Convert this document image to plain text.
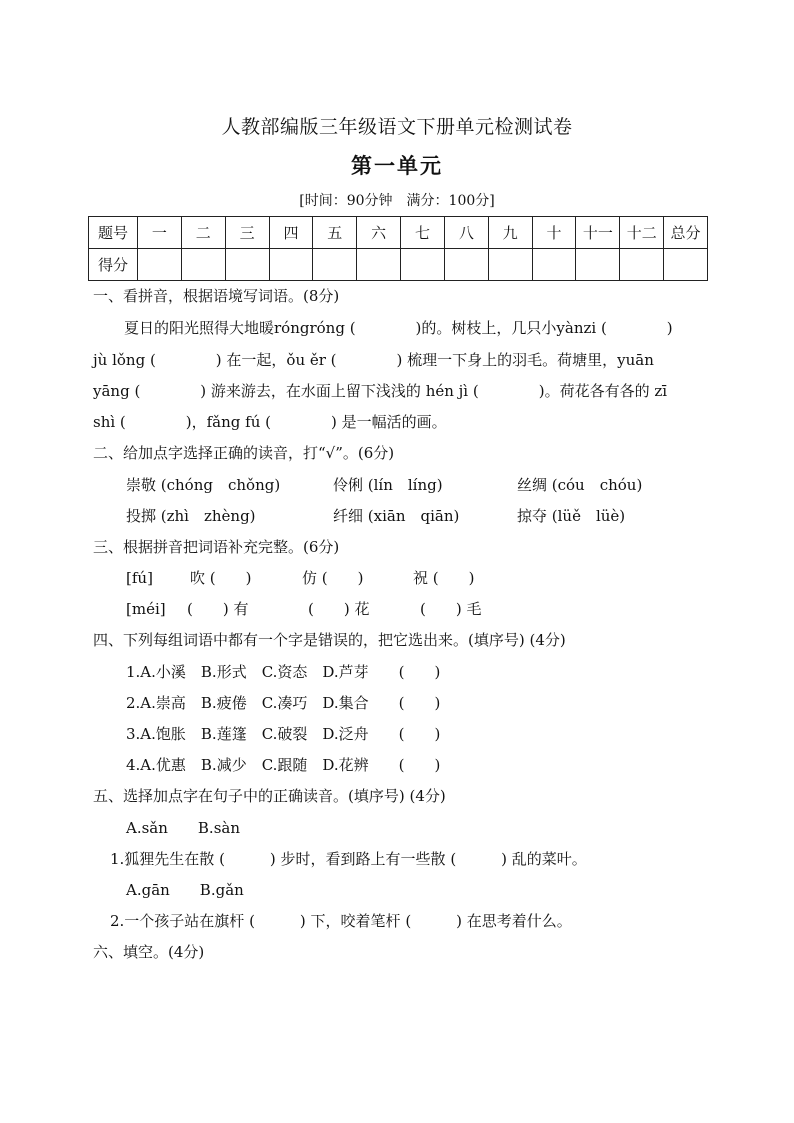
人教部编版三年级语文下册单元检测试卷
第一单元
[时间：90分钟　满分：100分]
题号	一	二	三	四	五	六	七	八	九	十	十一	十二	总分
得分													
一、看拼音，根据语境写词语。(8分)
夏日的阳光照得大地暖róngróng (　　　　)的。树枝上，几只小yànzi (　　　　)
jù lǒng (　　　　) 在一起，ǒu ěr (　　　　) 梳理一下身上的羽毛。荷塘里，yuān
yāng (　　　　) 游来游去，在水面上留下浅浅的 hén jì (　　　　)。荷花各有各的 zī
shì (　　　　)，fǎng fú (　　　　) 是一幅活的画。
二、给加点字选择正确的读音，打“√”。(6分)
崇敬 (chóng　chǒng)	伶俐 (lín　líng)	丝绸 (cóu　chóu)
投掷 (zhì　zhèng)	纤细 (xiān　qiān)	掠夺 (lüě　lüè)
三、根据拼音把词语补充完整。(6分)
[fú] 吹 (　　)	仿 (　　)	祝 (　　)
[méi] (　　) 有	(　　) 花	(　　) 毛
四、下列每组词语中都有一个字是错误的，把它选出来。(填序号) (4分)
1.A.小溪　B.形式　C.资态　D.芦芽　　(　　)
2.A.崇高　B.疲倦　C.凑巧　D.集合　　(　　)
3.A.饱胀　B.莲篷　C.破裂　D.泛舟　　(　　)
4.A.优惠　B.减少　C.跟随　D.花辨　　(　　)
五、选择加点字在句子中的正确读音。(填序号) (4分)
A.sǎn　　B.sàn
1.狐狸先生在散 (　　　) 步时，看到路上有一些散 (　　　) 乱的菜叶。
A.gān　　B.gǎn
2.一个孩子站在旗杆 (　　　) 下，咬着笔杆 (　　　) 在思考着什么。
六、填空。(4分)
